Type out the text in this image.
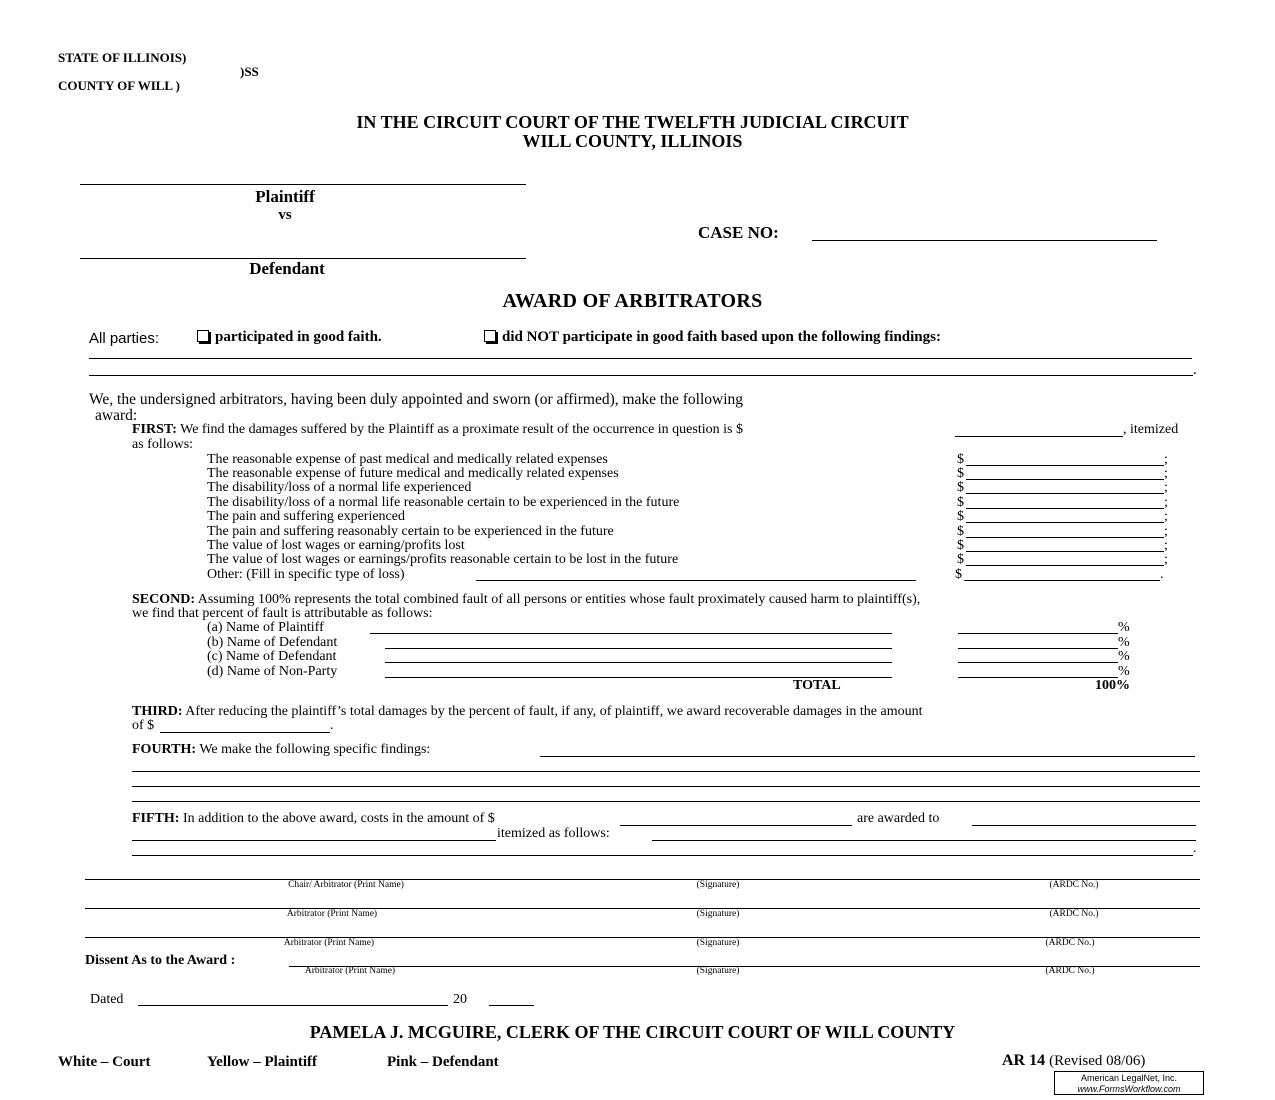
STATE OF ILLINOIS)
)SS
COUNTY OF WILL )
IN THE CIRCUIT COURT OF THE TWELFTH JUDICIAL CIRCUIT
WILL COUNTY, ILLINOIS
Plaintiff
vs
Defendant
CASE NO:
AWARD OF ARBITRATORS
All parties:	participated in good faith.	did NOT participate in good faith based upon the following findings:
.
We, the undersigned arbitrators, having been duly appointed and sworn (or affirmed), make the following
award:
FIRST: We find the damages suffered by the Plaintiff as a proximate result of the occurrence in question is $	, itemized
as follows:
The reasonable expense of past medical and medically related expenses	$	;
The reasonable expense of future medical and medically related expenses	$	;
The disability/loss of a normal life experienced	$	;
The disability/loss of a normal life reasonable certain to be experienced in the future	$	;
The pain and suffering experienced	$	;
The pain and suffering reasonably certain to be experienced in the future	$	;
The value of lost wages or earning/profits lost	$	;
The value of lost wages or earnings/profits reasonable certain to be lost in the future	$	;
Other: (Fill in specific type of loss)	$	.
SECOND: Assuming 100% represents the total combined fault of all persons or entities whose fault proximately caused harm to plaintiff(s),
we find that percent of fault is attributable as follows:
(a) Name of Plaintiff	%
(b) Name of Defendant	%
(c) Name of Defendant	%
(d) Name of Non-Party	%
TOTAL	100%
THIRD: After reducing the plaintiff’s total damages by the percent of fault, if any, of plaintiff, we award recoverable damages in the amount
of $	.
FOURTH: We make the following specific findings:
FIFTH: In addition to the above award, costs in the amount of $	are awarded to
itemized as follows:
.
Chair/ Arbitrator (Print Name)	(Signature)	(ARDC No.)
Arbitrator (Print Name)	(Signature)	(ARDC No.)
Arbitrator (Print Name)	(Signature)	(ARDC No.)
Dissent As to the Award :
Arbitrator (Print Name)	(Signature)	(ARDC No.)
Dated	20
PAMELA J. MCGUIRE, CLERK OF THE CIRCUIT COURT OF WILL COUNTY
White – Court	Yellow – Plaintiff	Pink – Defendant	AR 14 (Revised 08/06)
American LegalNet, Inc.
www.FormsWorkflow.com
